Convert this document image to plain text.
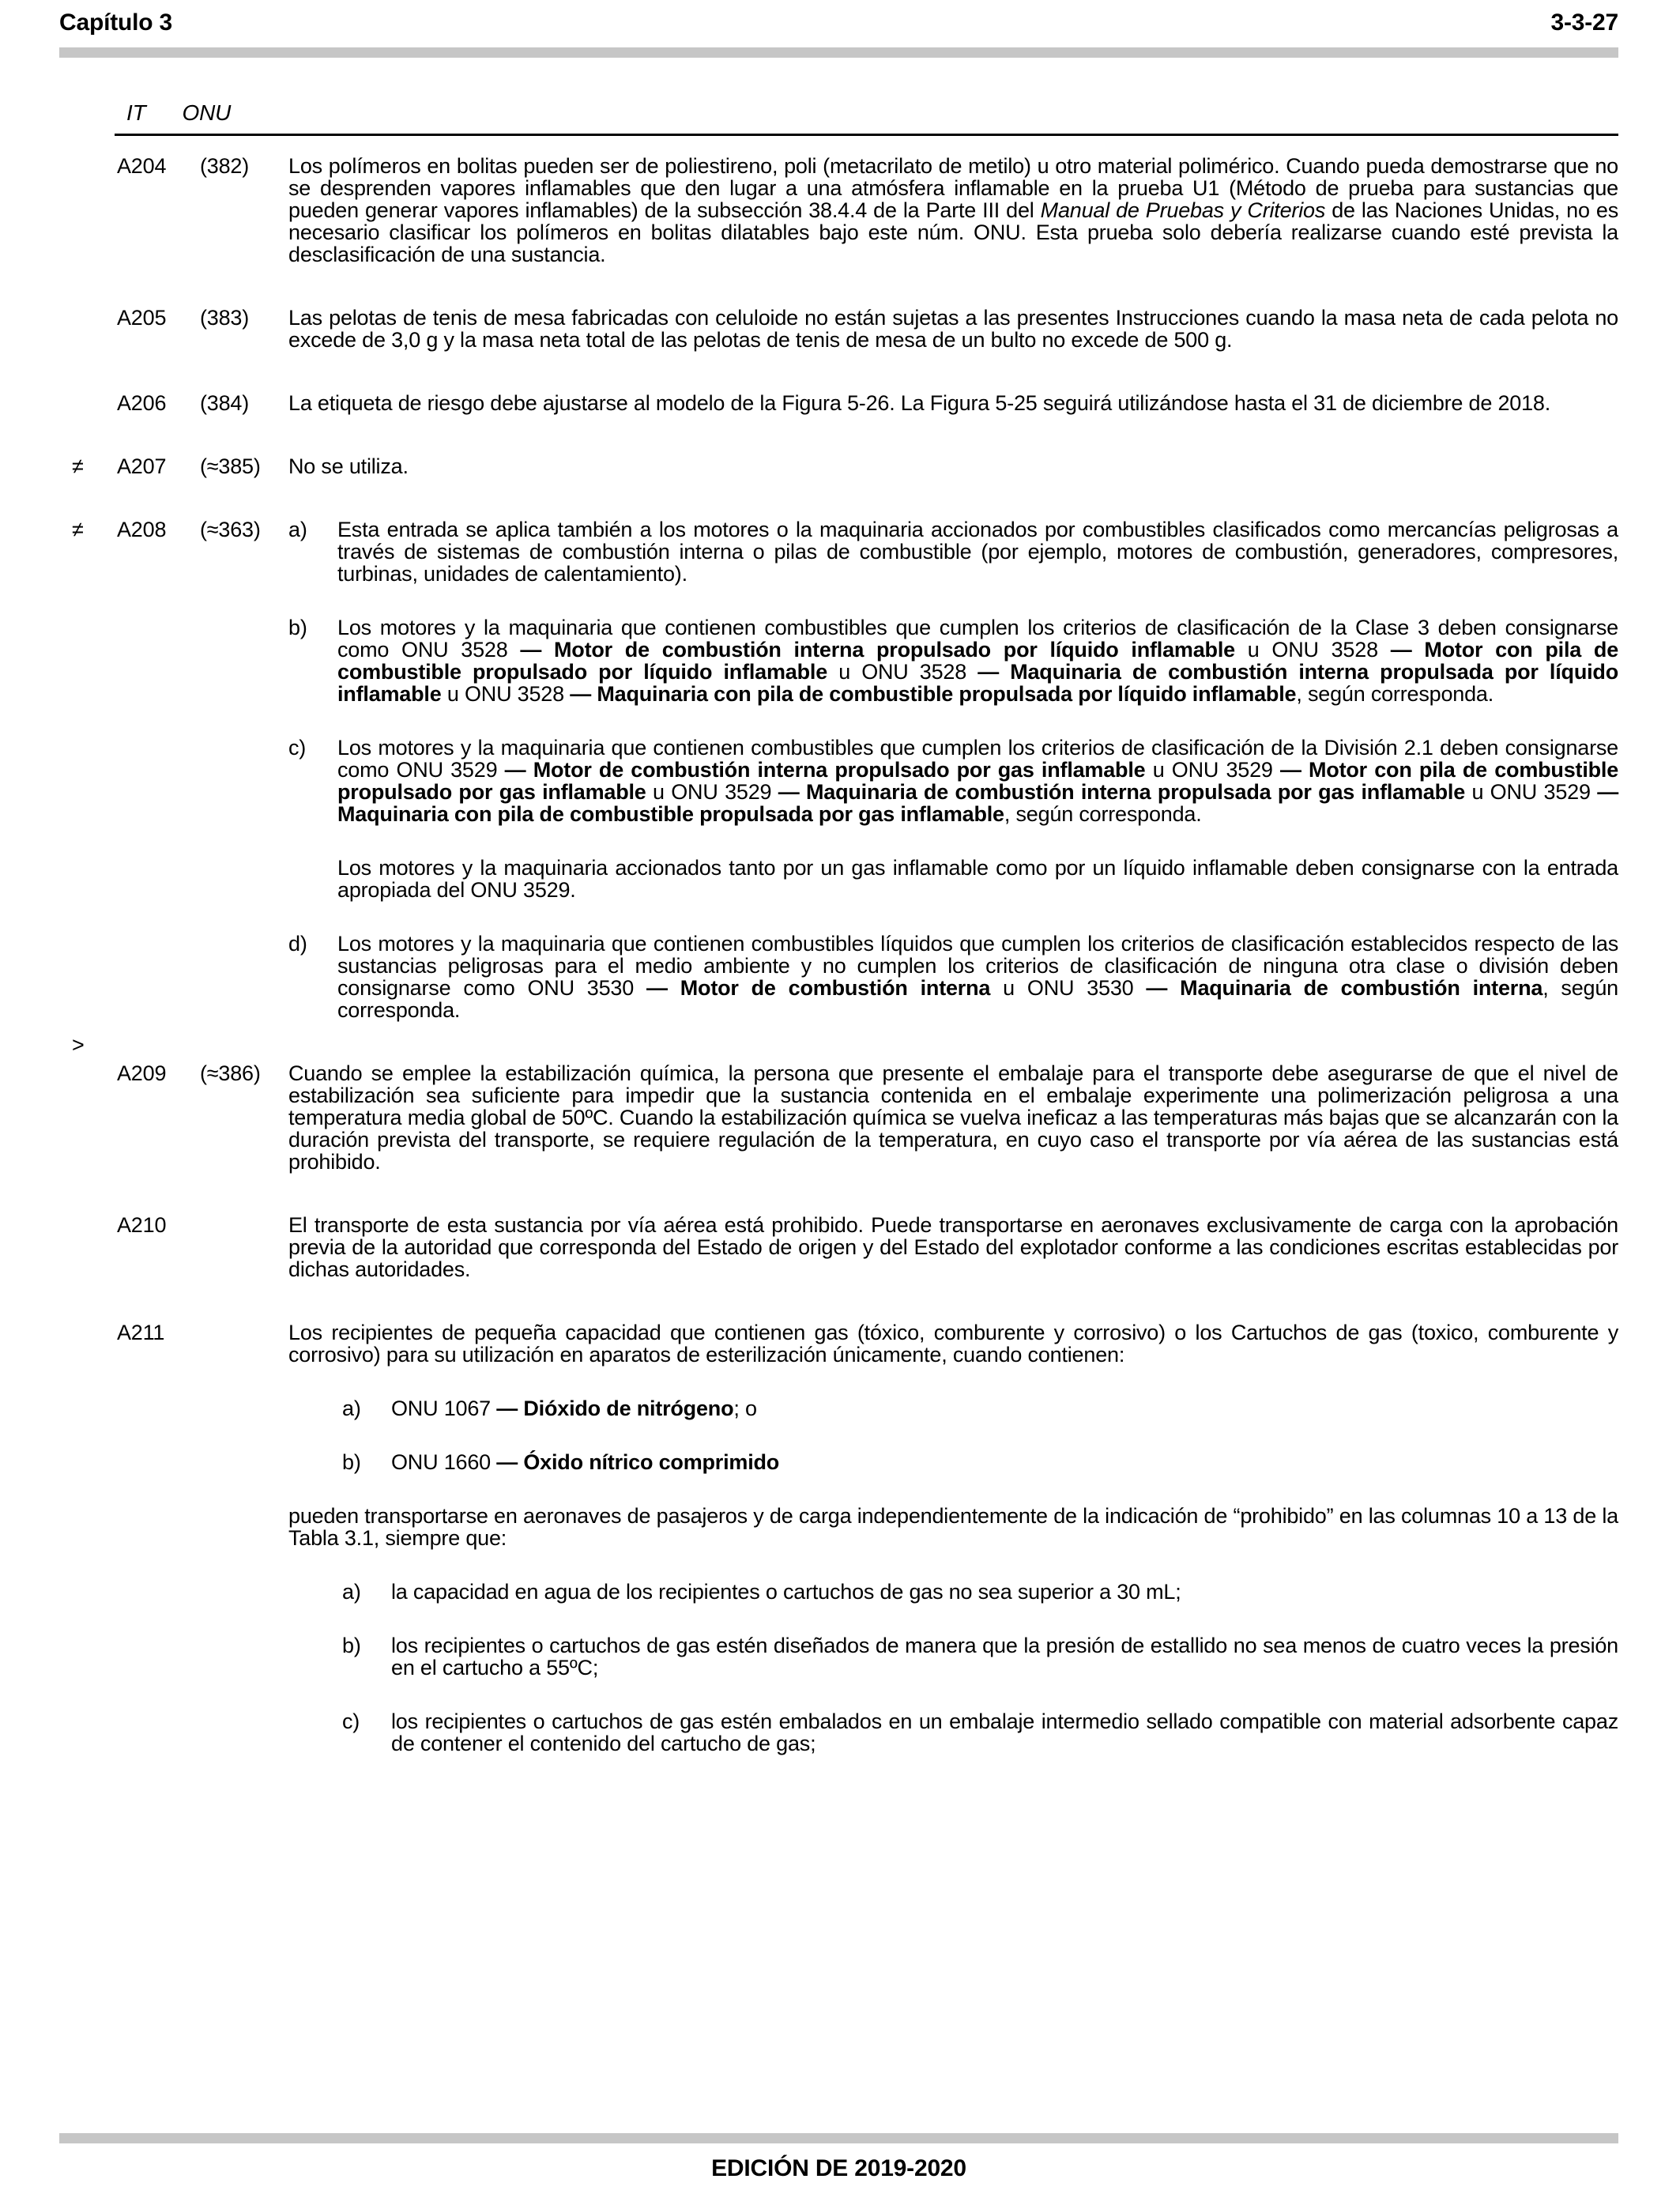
Capítulo 3	3-3-27
IT ONU
A204	(382)	Los polímeros en bolitas pueden ser de poliestireno, poli (metacrilato de metilo) u otro material polimérico. Cuando pueda demostrarse que no se desprenden vapores inflamables que den lugar a una atmósfera inflamable en la prueba U1 (Método de prueba para sustancias que pueden generar vapores inflamables) de la subsección 38.4.4 de la Parte III del Manual de Pruebas y Criterios de las Naciones Unidas, no es necesario clasificar los polímeros en bolitas dilatables bajo este núm. ONU. Esta prueba solo debería realizarse cuando esté prevista la desclasificación de una sustancia.
A205	(383)	Las pelotas de tenis de mesa fabricadas con celuloide no están sujetas a las presentes Instrucciones cuando la masa neta de cada pelota no excede de 3,0 g y la masa neta total de las pelotas de tenis de mesa de un bulto no excede de 500 g.
A206	(384)	La etiqueta de riesgo debe ajustarse al modelo de la Figura 5-26. La Figura 5-25 seguirá utilizándose hasta el 31 de diciembre de 2018.
≠	A207	(≈385)	No se utiliza.
≠	A208	(≈363)	a)	Esta entrada se aplica también a los motores o la maquinaria accionados por combustibles clasificados como mercancías peligrosas a través de sistemas de combustión interna o pilas de combustible (por ejemplo, motores de combustión, generadores, compresores, turbinas, unidades de calentamiento).
b)	Los motores y la maquinaria que contienen combustibles que cumplen los criterios de clasificación de la Clase 3 deben consignarse como ONU 3528 — Motor de combustión interna propulsado por líquido inflamable u ONU 3528 — Motor con pila de combustible propulsado por líquido inflamable u ONU 3528 — Maquinaria de combustión interna propulsada por líquido inflamable u ONU 3528 — Maquinaria con pila de combustible propulsada por líquido inflamable, según corresponda.
c)	Los motores y la maquinaria que contienen combustibles que cumplen los criterios de clasificación de la División 2.1 deben consignarse como ONU 3529 — Motor de combustión interna propulsado por gas inflamable u ONU 3529 — Motor con pila de combustible propulsado por gas inflamable u ONU 3529 — Maquinaria de combustión interna propulsada por gas inflamable u ONU 3529 — Maquinaria con pila de combustible propulsada por gas inflamable, según corresponda.
Los motores y la maquinaria accionados tanto por un gas inflamable como por un líquido inflamable deben consignarse con la entrada apropiada del ONU 3529.
d)	Los motores y la maquinaria que contienen combustibles líquidos que cumplen los criterios de clasificación establecidos respecto de las sustancias peligrosas para el medio ambiente y no cumplen los criterios de clasificación de ninguna otra clase o división deben consignarse como ONU 3530 — Motor de combustión interna u ONU 3530 — Maquinaria de combustión interna, según corresponda.
>
A209	(≈386)	Cuando se emplee la estabilización química, la persona que presente el embalaje para el transporte debe asegurarse de que el nivel de estabilización sea suficiente para impedir que la sustancia contenida en el embalaje experimente una polimerización peligrosa a una temperatura media global de 50ºC. Cuando la estabilización química se vuelva ineficaz a las temperaturas más bajas que se alcanzarán con la duración prevista del transporte, se requiere regulación de la temperatura, en cuyo caso el transporte por vía aérea de las sustancias está prohibido.
A210	El transporte de esta sustancia por vía aérea está prohibido. Puede transportarse en aeronaves exclusivamente de carga con la aprobación previa de la autoridad que corresponda del Estado de origen y del Estado del explotador conforme a las condiciones escritas establecidas por dichas autoridades.
A211	Los recipientes de pequeña capacidad que contienen gas (tóxico, comburente y corrosivo) o los Cartuchos de gas (toxico, comburente y corrosivo) para su utilización en aparatos de esterilización únicamente, cuando contienen:
a)	ONU 1067 — Dióxido de nitrógeno; o
b)	ONU 1660 — Óxido nítrico comprimido
pueden transportarse en aeronaves de pasajeros y de carga independientemente de la indicación de “prohibido” en las columnas 10 a 13 de la Tabla 3.1, siempre que:
a)	la capacidad en agua de los recipientes o cartuchos de gas no sea superior a 30 mL;
b)	los recipientes o cartuchos de gas estén diseñados de manera que la presión de estallido no sea menos de cuatro veces la presión en el cartucho a 55ºC;
c)	los recipientes o cartuchos de gas estén embalados en un embalaje intermedio sellado compatible con material adsorbente capaz de contener el contenido del cartucho de gas;
EDICIÓN DE 2019-2020
